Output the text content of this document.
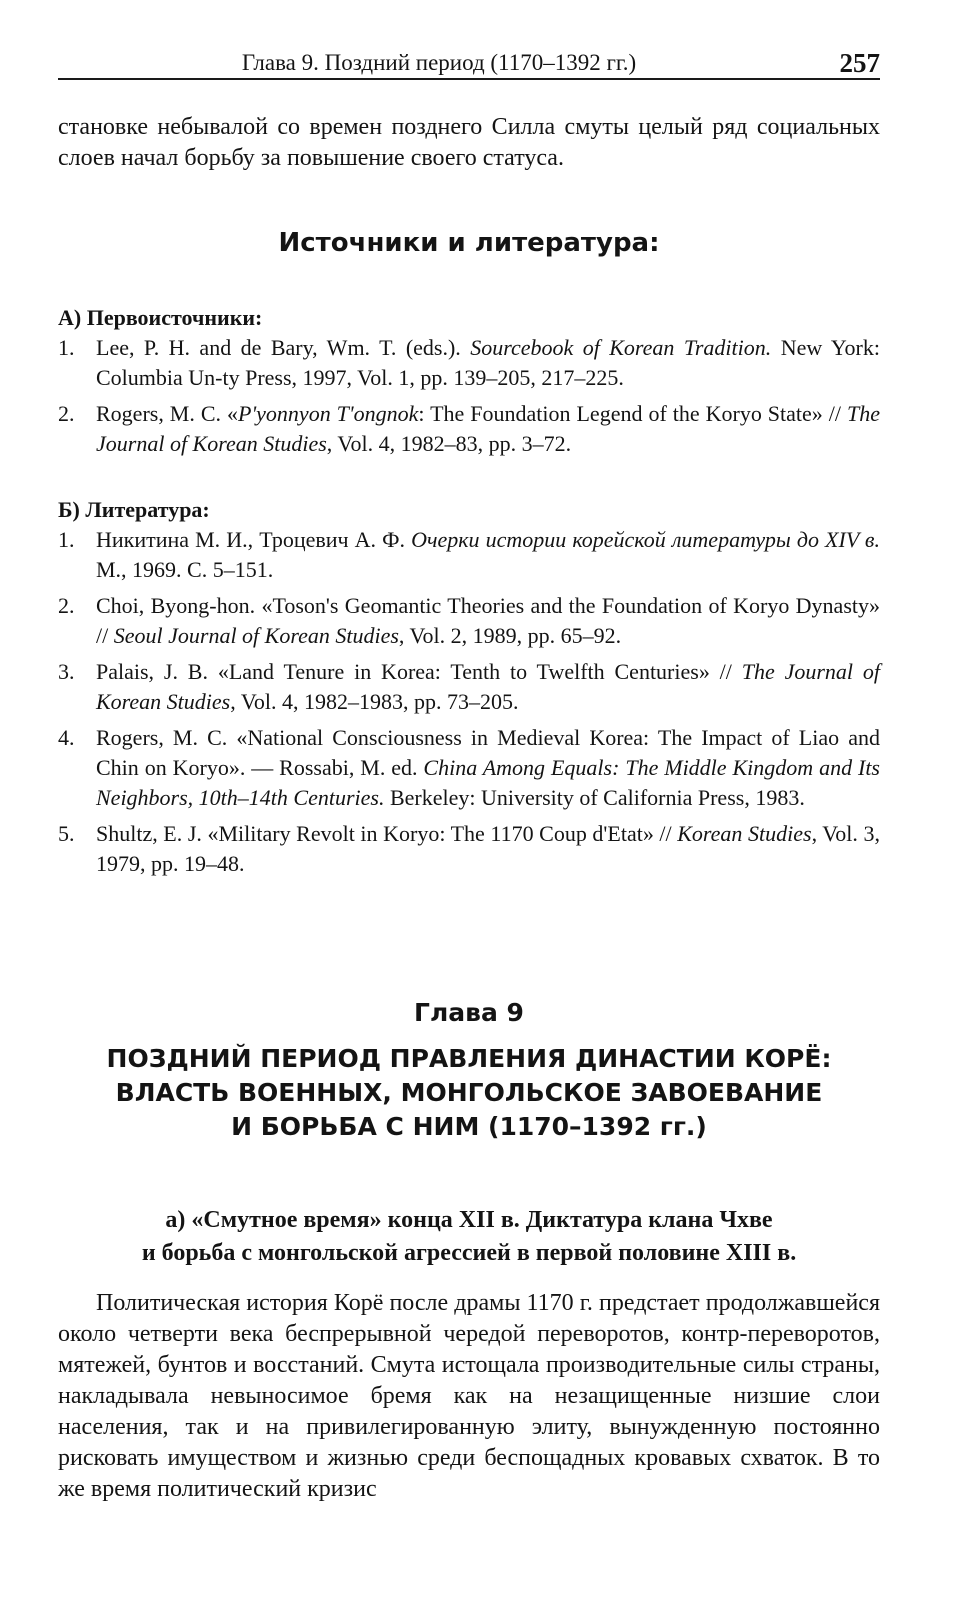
Глава 9. Поздний период (1170–1392 гг.)	257

становке небывалой со времен позднего Силла смуты целый ряд социальных слоев начал борьбу за повышение своего статуса.

Источники и литература:

А) Первоисточники:

1. Lee, P. H. and de Bary, Wm. T. (eds.). Sourcebook of Korean Tradition. New York: Columbia Un-ty Press, 1997, Vol. 1, pp. 139–205, 217–225.
2. Rogers, M. C. «P'yonnyon T'ongnok: The Foundation Legend of the Koryo State» // The Journal of Korean Studies, Vol. 4, 1982–83, pp. 3–72.

Б) Литература:

1. Никитина М. И., Троцевич А. Ф. Очерки истории корейской литературы до XIV в. М., 1969. С. 5–151.
2. Choi, Byong-hon. «Toson's Geomantic Theories and the Foundation of Koryo Dynasty» // Seoul Journal of Korean Studies, Vol. 2, 1989, pp. 65–92.
3. Palais, J. B. «Land Tenure in Korea: Tenth to Twelfth Centuries» // The Journal of Korean Studies, Vol. 4, 1982–1983, pp. 73–205.
4. Rogers, M. C. «National Consciousness in Medieval Korea: The Impact of Liao and Chin on Koryo». — Rossabi, M. ed. China Among Equals: The Middle Kingdom and Its Neighbors, 10th–14th Centuries. Berkeley: University of California Press, 1983.
5. Shultz, E. J. «Military Revolt in Koryo: The 1170 Coup d'Etat» // Korean Studies, Vol. 3, 1979, pp. 19–48.
Глава 9
ПОЗДНИЙ ПЕРИОД ПРАВЛЕНИЯ ДИНАСТИИ КОРЁ:
ВЛАСТЬ ВОЕННЫХ, МОНГОЛЬСКОЕ ЗАВОЕВАНИЕ
И БОРЬБА С НИМ (1170–1392 гг.)
а) «Смутное время» конца XII в. Диктатура клана Чхве
и борьба с монгольской агрессией в первой половине XIII в.

Политическая история Корё после драмы 1170 г. предстает продолжавшейся около четверти века беспрерывной чередой переворотов, контр-переворотов, мятежей, бунтов и восстаний. Смута истощала производительные силы страны, накладывала невыносимое бремя как на незащищенные низшие слои населения, так и на привилегированную элиту, вынужденную постоянно рисковать имуществом и жизнью среди беспощадных кровавых схваток. В то же время политический кризис
